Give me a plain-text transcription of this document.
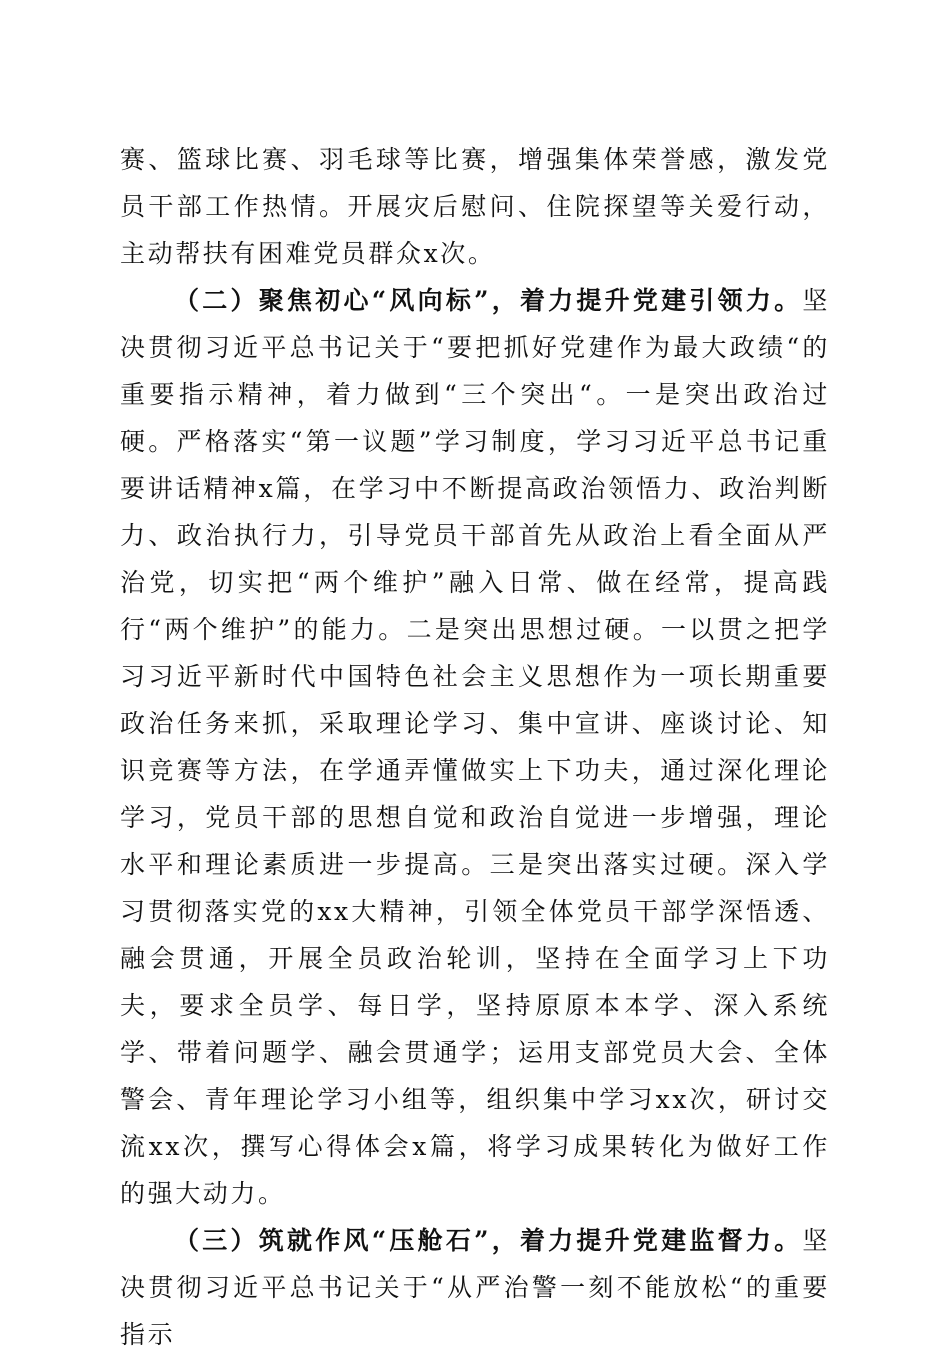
赛、篮球比赛、羽毛球等比赛，增强集体荣誉感，激发党员干部工作热情。开展灾后慰问、住院探望等关爱行动，主动帮扶有困难党员群众x次。

（二）聚焦初心“风向标”，着力提升党建引领力。坚决贯彻习近平总书记关于“要把抓好党建作为最大政绩“的重要指示精神，着力做到“三个突出“。一是突出政治过硬。严格落实“第一议题”学习制度，学习习近平总书记重要讲话精神x篇，在学习中不断提高政治领悟力、政治判断力、政治执行力，引导党员干部首先从政治上看全面从严治党，切实把“两个维护”融入日常、做在经常，提高践行“两个维护”的能力。二是突出思想过硬。一以贯之把学习习近平新时代中国特色社会主义思想作为一项长期重要政治任务来抓，采取理论学习、集中宣讲、座谈讨论、知识竞赛等方法，在学通弄懂做实上下功夫，通过深化理论学习，党员干部的思想自觉和政治自觉进一步增强，理论水平和理论素质进一步提高。三是突出落实过硬。深入学习贯彻落实党的xx大精神，引领全体党员干部学深悟透、融会贯通，开展全员政治轮训，坚持在全面学习上下功夫，要求全员学、每日学，坚持原原本本学、深入系统学、带着问题学、融会贯通学；运用支部党员大会、全体警会、青年理论学习小组等，组织集中学习xx次，研讨交流xx次，撰写心得体会x篇，将学习成果转化为做好工作的强大动力。

（三）筑就作风“压舱石”，着力提升党建监督力。坚决贯彻习近平总书记关于“从严治警一刻不能放松“的重要指示
